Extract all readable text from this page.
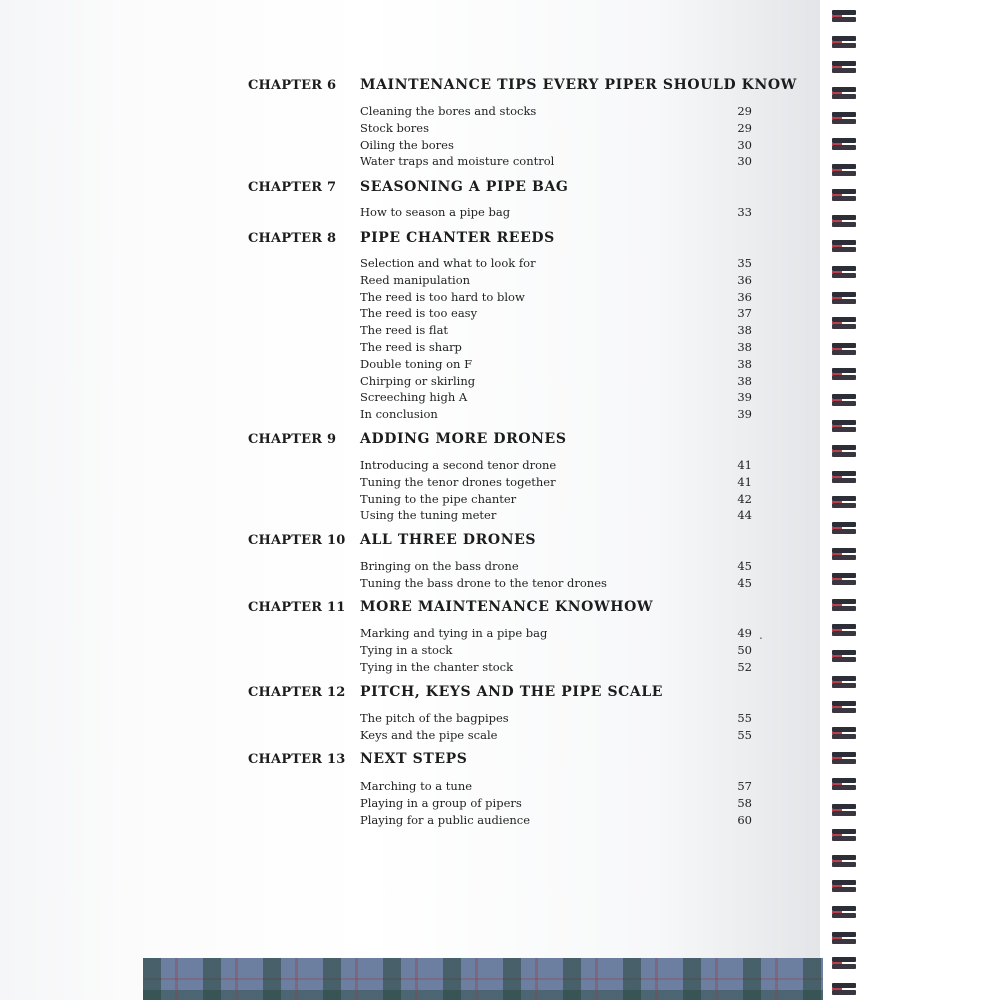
CHAPTER 6	MAINTENANCE TIPS EVERY PIPER SHOULD KNOW
Cleaning the bores and stocks	29
Stock bores	29
Oiling the bores	30
Water traps and moisture control	30
CHAPTER 7	SEASONING A PIPE BAG
How to season a pipe bag	33
CHAPTER 8	PIPE CHANTER REEDS
Selection and what to look for	35
Reed manipulation	36
The reed is too hard to blow	36
The reed is too easy	37
The reed is flat	38
The reed is sharp	38
Double toning on F	38
Chirping or skirling	38
Screeching high A	39
In conclusion	39
CHAPTER 9	ADDING MORE DRONES
Introducing a second tenor drone	41
Tuning the tenor drones together	41
Tuning to the pipe chanter	42
Using the tuning meter	44
CHAPTER 10	ALL THREE DRONES
Bringing on the bass drone	45
Tuning the bass drone to the tenor drones	45
CHAPTER 11	MORE MAINTENANCE KNOWHOW
Marking and tying in a pipe bag	49
Tying in a stock	50
Tying in the chanter stock	52
CHAPTER 12	PITCH, KEYS AND THE PIPE SCALE
The pitch of the bagpipes	55
Keys and the pipe scale	55
CHAPTER 13	NEXT STEPS
Marching to a tune	57
Playing in a group of pipers	58
Playing for a public audience	60
.
